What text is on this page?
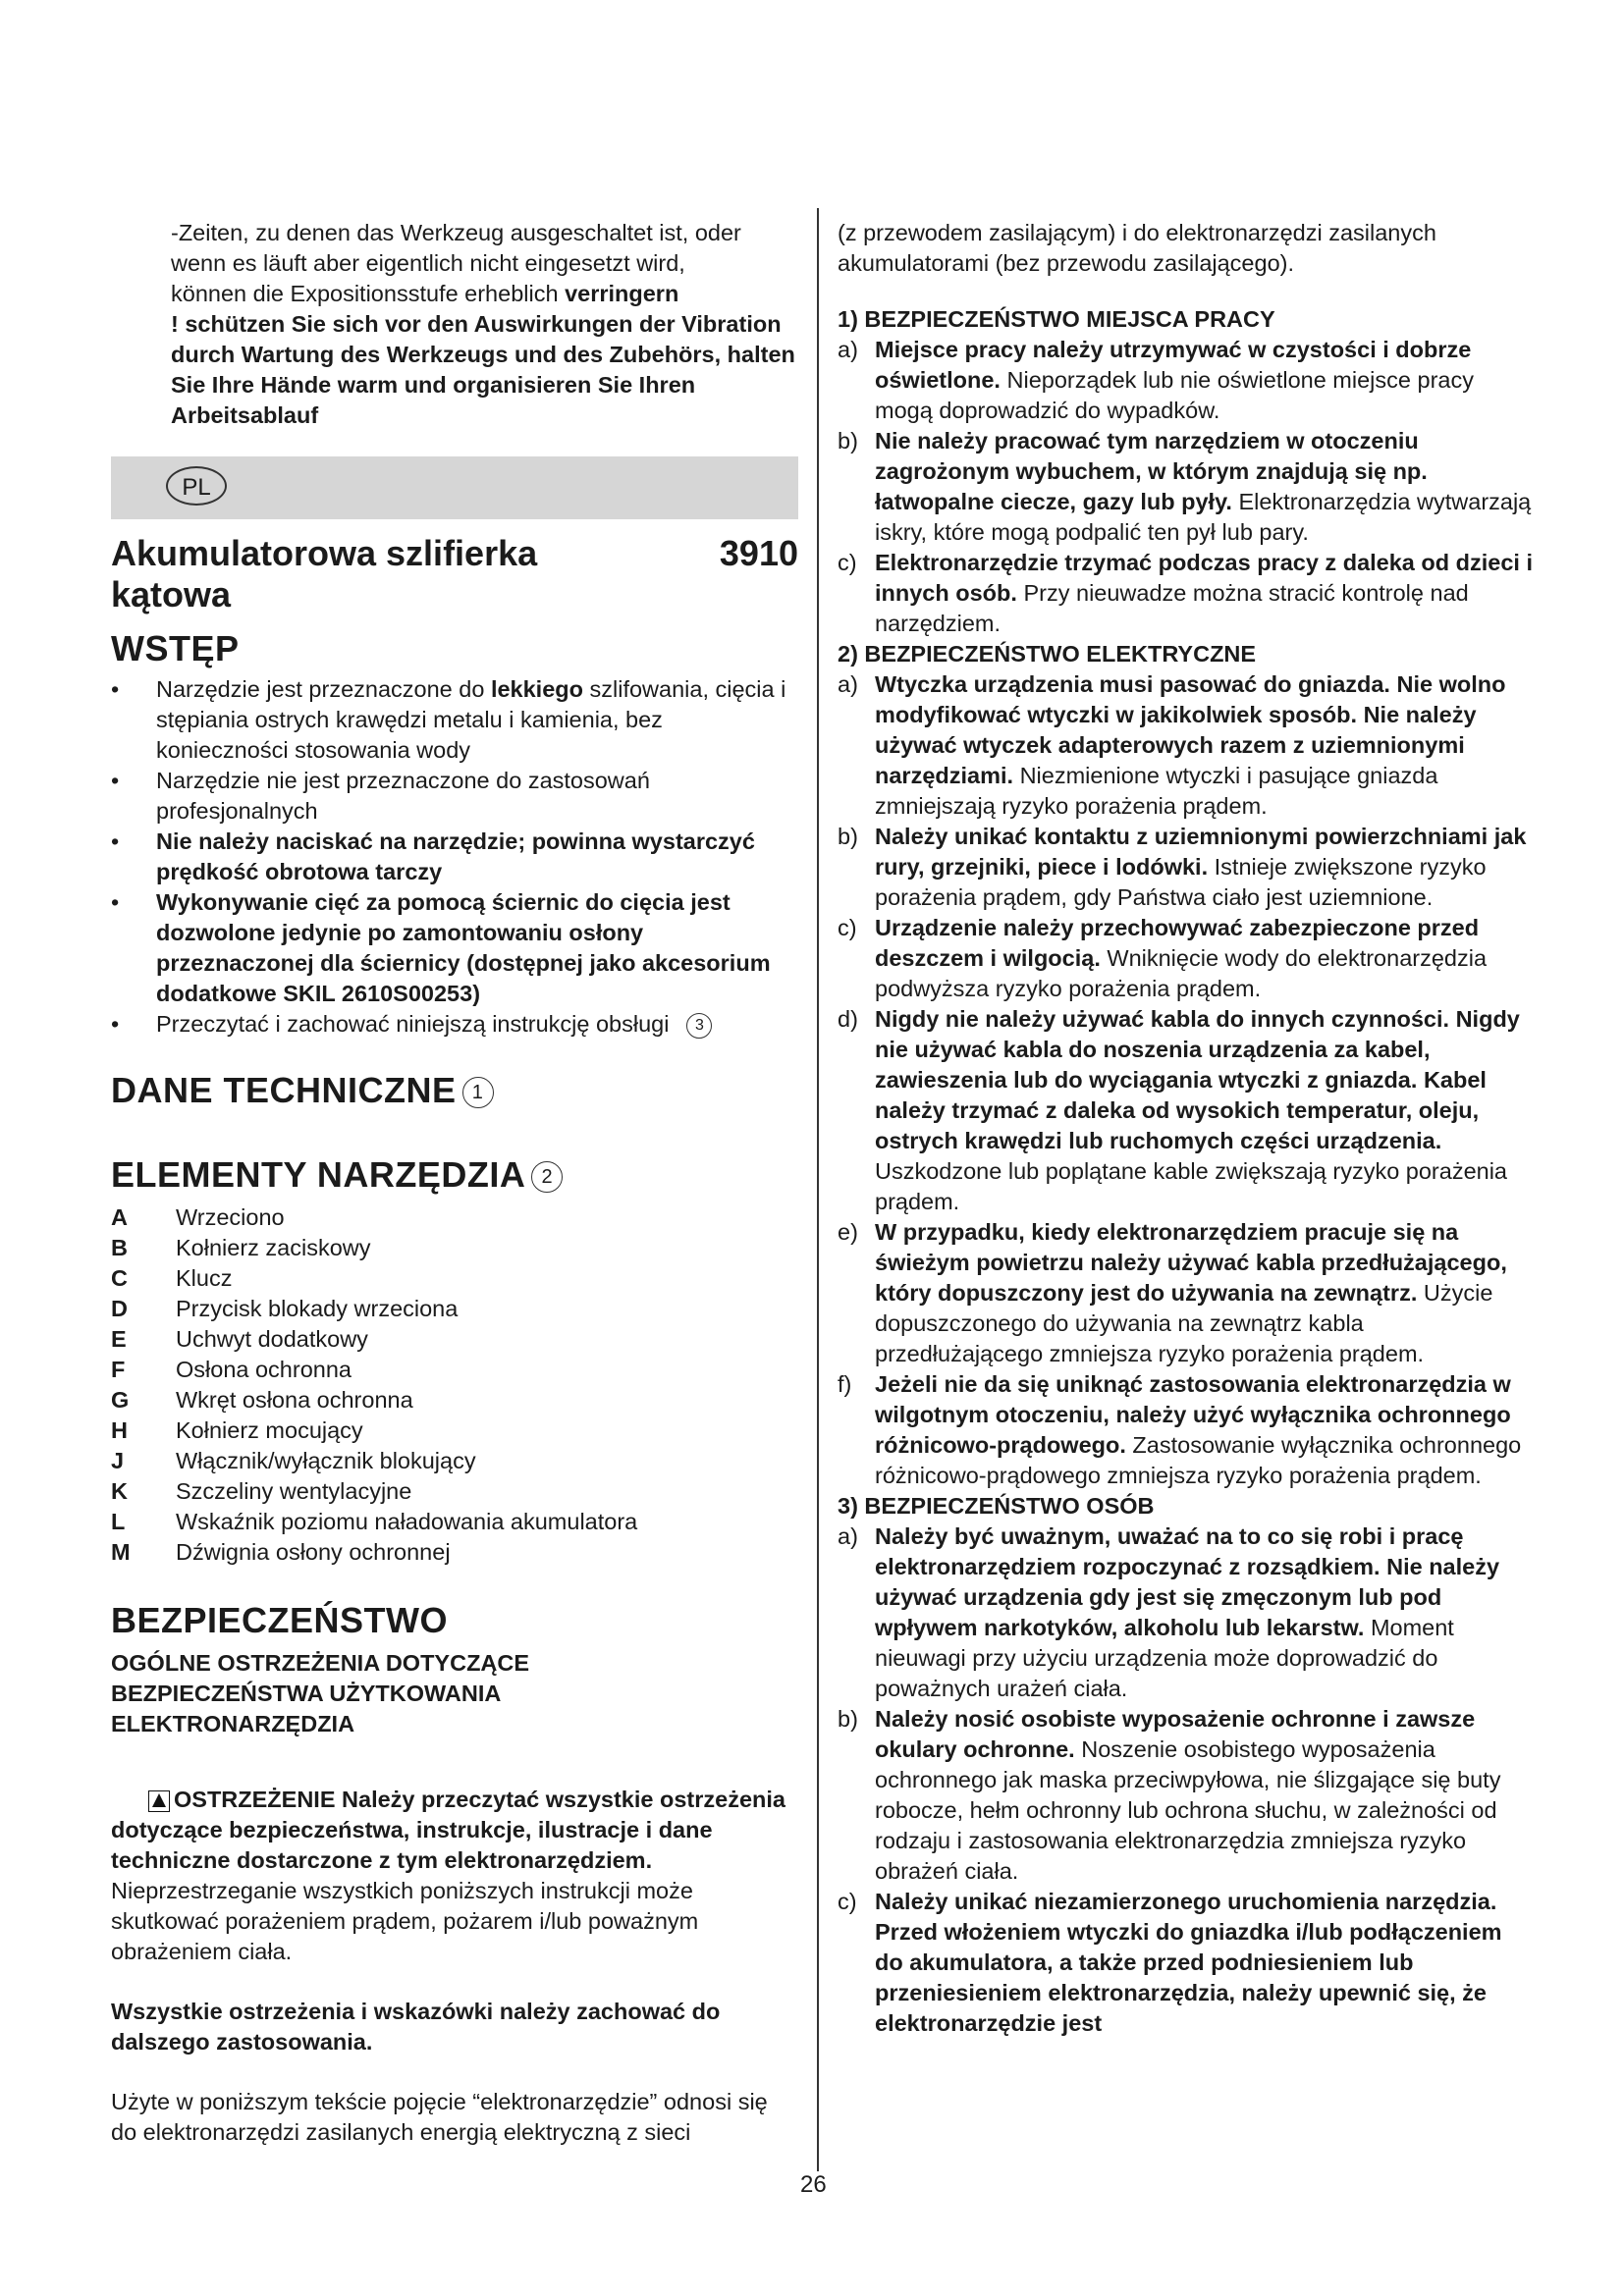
-Zeiten, zu denen das Werkzeug ausgeschaltet ist, oder

wenn es läuft aber eigentlich nicht eingesetzt wird,

können die Expositionsstufe erheblich verringern

! schützen Sie sich vor den Auswirkungen der Vibration durch Wartung des Werkzeugs und des Zubehörs, halten Sie Ihre Hände warm und organisieren Sie Ihren Arbeitsablauf

PL
Akumulatorowa szlifierka kątowa
3910
WSTĘP
•	Narzędzie jest przeznaczone do lekkiego szlifowania, cięcia i stępiania ostrych krawędzi metalu i kamienia, bez konieczności stosowania wody
•	Narzędzie nie jest przeznaczone do zastosowań profesjonalnych
•	Nie należy naciskać na narzędzie; powinna wystarczyć prędkość obrotowa tarczy
•	Wykonywanie cięć za pomocą ściernic do cięcia jest dozwolone jedynie po zamontowaniu osłony przeznaczonej dla ściernicy (dostępnej jako akcesorium dodatkowe SKIL 2610S00253)
•	Przeczytać i zachować niniejszą instrukcję obsługi 3
DANE TECHNICZNE 1
ELEMENTY NARZĘDZIA 2
A	Wrzeciono
B	Kołnierz zaciskowy
C	Klucz
D	Przycisk blokady wrzeciona
E	Uchwyt dodatkowy
F	Osłona ochronna
G	Wkręt osłona ochronna
H	Kołnierz mocujący
J	Włącznik/wyłącznik blokujący
K	Szczeliny wentylacyjne
L	Wskaźnik poziomu naładowania akumulatora
M	Dźwignia osłony ochronnej
BEZPIECZEŃSTWO

OGÓLNE OSTRZEŻENIA DOTYCZĄCE BEZPIECZEŃSTWA UŻYTKOWANIA ELEKTRONARZĘDZIA

OSTRZEŻENIE Należy przeczytać wszystkie ostrzeżenia dotyczące bezpieczeństwa, instrukcje, ilustracje i dane techniczne dostarczone z tym elektronarzędziem. Nieprzestrzeganie wszystkich poniższych instrukcji może skutkować porażeniem prądem, pożarem i/lub poważnym obrażeniem ciała.

Wszystkie ostrzeżenia i wskazówki należy zachować do dalszego zastosowania.

Użyte w poniższym tekście pojęcie “elektronarzędzie” odnosi się do elektronarzędzi zasilanych energią elektryczną z sieci

(z przewodem zasilającym) i do elektronarzędzi zasilanych akumulatorami (bez przewodu zasilającego).

1) BEZPIECZEŃSTWO MIEJSCA PRACY

a) Miejsce pracy należy utrzymywać w czystości i dobrze oświetlone. Nieporządek lub nie oświetlone miejsce pracy mogą doprowadzić do wypadków.
b) Nie należy pracować tym narzędziem w otoczeniu zagrożonym wybuchem, w którym znajdują się np. łatwopalne ciecze, gazy lub pyły. Elektronarzędzia wytwarzają iskry, które mogą podpalić ten pył lub pary.
c) Elektronarzędzie trzymać podczas pracy z daleka od dzieci i innych osób. Przy nieuwadze można stracić kontrolę nad narzędziem.

2) BEZPIECZEŃSTWO ELEKTRYCZNE

a) Wtyczka urządzenia musi pasować do gniazda. Nie wolno modyfikować wtyczki w jakikolwiek sposób. Nie należy używać wtyczek adapterowych razem z uziemnionymi narzędziami. Niezmienione wtyczki i pasujące gniazda zmniejszają ryzyko porażenia prądem.
b) Należy unikać kontaktu z uziemnionymi powierzchniami jak rury, grzejniki, piece i lodówki. Istnieje zwiększone ryzyko porażenia prądem, gdy Państwa ciało jest uziemnione.
c) Urządzenie należy przechowywać zabezpieczone przed deszczem i wilgocią. Wniknięcie wody do elektronarzędzia podwyższa ryzyko porażenia prądem.
d) Nigdy nie należy używać kabla do innych czynności. Nigdy nie używać kabla do noszenia urządzenia za kabel, zawieszenia lub do wyciągania wtyczki z gniazda. Kabel należy trzymać z daleka od wysokich temperatur, oleju, ostrych krawędzi lub ruchomych części urządzenia. Uszkodzone lub poplątane kable zwiększają ryzyko porażenia prądem.
e) W przypadku, kiedy elektronarzędziem pracuje się na świeżym powietrzu należy używać kabla przedłużającego, który dopuszczony jest do używania na zewnątrz. Użycie dopuszczonego do używania na zewnątrz kabla przedłużającego zmniejsza ryzyko porażenia prądem.
f) Jeżeli nie da się uniknąć zastosowania elektronarzędzia w wilgotnym otoczeniu, należy użyć wyłącznika ochronnego różnicowo-prądowego. Zastosowanie wyłącznika ochronnego różnicowo-prądowego zmniejsza ryzyko porażenia prądem.

3) BEZPIECZEŃSTWO OSÓB

a) Należy być uważnym, uważać na to co się robi i pracę elektronarzędziem rozpoczynać z rozsądkiem. Nie należy używać urządzenia gdy jest się zmęczonym lub pod wpływem narkotyków, alkoholu lub lekarstw. Moment nieuwagi przy użyciu urządzenia może doprowadzić do poważnych urażeń ciała.
b) Należy nosić osobiste wyposażenie ochronne i zawsze okulary ochronne. Noszenie osobistego wyposażenia ochronnego jak maska przeciwpyłowa, nie ślizgające się buty robocze, hełm ochronny lub ochrona słuchu, w zależności od rodzaju i zastosowania elektronarzędzia zmniejsza ryzyko obrażeń ciała.
c) Należy unikać niezamierzonego uruchomienia narzędzia. Przed włożeniem wtyczki do gniazdka i/lub podłączeniem do akumulatora, a także przed podniesieniem lub przeniesieniem elektronarzędzia, należy upewnić się, że elektronarzędzie jest
26
